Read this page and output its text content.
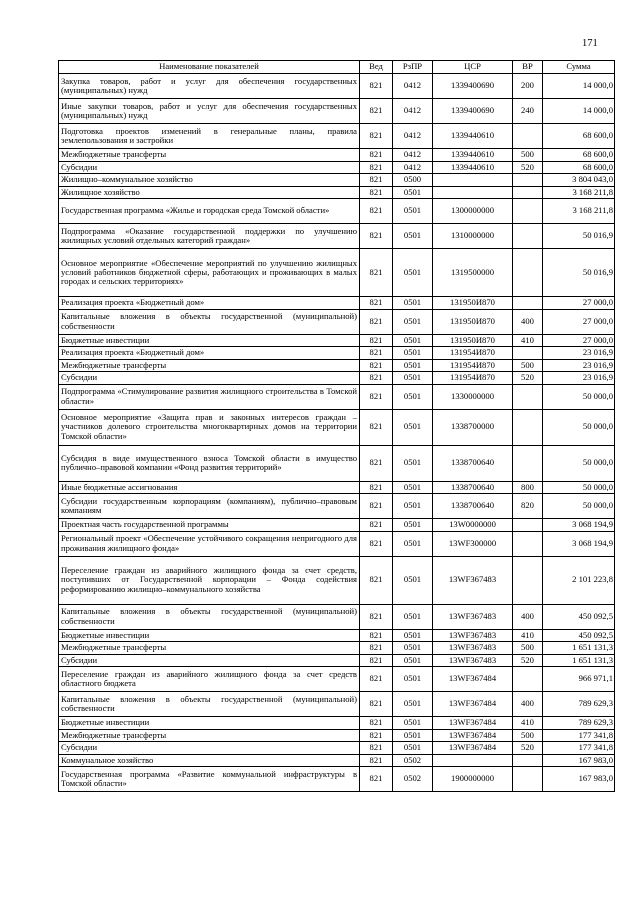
171
Наименование показателей	Вед	РзПР	ЦСР	ВР	Сумма
Закупка товаров, работ и услуг для обеспечения государственных (муниципальных) нужд	821	0412	1339400690	200	14 000,0
Иные закупки товаров, работ и услуг для обеспечения государственных (муниципальных) нужд	821	0412	1339400690	240	14 000,0
Подготовка проектов изменений в генеральные планы, правила землепользования и застройки	821	0412	1339440610		68 600,0
Межбюджетные трансферты	821	0412	1339440610	500	68 600,0
Субсидии	821	0412	1339440610	520	68 600,0
Жилищно–коммунальное хозяйство	821	0500			3 804 043,0
Жилищное хозяйство	821	0501			3 168 211,8
Государственная программа «Жилье и городская среда Томской области»	821	0501	1300000000		3 168 211,8
Подпрограмма «Оказание государственной поддержки по улучшению жилищных условий отдельных категорий граждан»	821	0501	1310000000		50 016,9
Основное мероприятие «Обеспечение мероприятий по улучшению жилищных условий работников бюджетной сферы, работающих и проживающих в малых городах и сельских территориях»	821	0501	1319500000		50 016,9
Реализация проекта «Бюджетный дом»	821	0501	131950И870		27 000,0
Капитальные вложения в объекты государственной (муниципальной) собственности	821	0501	131950И870	400	27 000,0
Бюджетные инвестиции	821	0501	131950И870	410	27 000,0
Реализация проекта «Бюджетный дом»	821	0501	131954И870		23 016,9
Межбюджетные трансферты	821	0501	131954И870	500	23 016,9
Субсидии	821	0501	131954И870	520	23 016,9
Подпрограмма «Стимулирование развития жилищного строительства в Томской области»	821	0501	1330000000		50 000,0
Основное мероприятие «Защита прав и законных интересов граждан – участников долевого строительства многоквартирных домов на территории Томской области»	821	0501	1338700000		50 000,0
Субсидия в виде имущественного взноса Томской области в имущество публично–правовой компании «Фонд развития территорий»	821	0501	1338700640		50 000,0
Иные бюджетные ассигнования	821	0501	1338700640	800	50 000,0
Субсидии государственным корпорациям (компаниям), публично–правовым компаниям	821	0501	1338700640	820	50 000,0
Проектная часть государственной программы	821	0501	13W0000000		3 068 194,9
Региональный проект «Обеспечение устойчивого сокращения непригодного для проживания жилищного фонда»	821	0501	13WF300000		3 068 194,9
Переселение граждан из аварийного жилищного фонда за счет средств, поступивших от Государственной корпорации – Фонда содействия реформированию жилищно–коммунального хозяйства	821	0501	13WF367483		2 101 223,8
Капитальные вложения в объекты государственной (муниципальной) собственности	821	0501	13WF367483	400	450 092,5
Бюджетные инвестиции	821	0501	13WF367483	410	450 092,5
Межбюджетные трансферты	821	0501	13WF367483	500	1 651 131,3
Субсидии	821	0501	13WF367483	520	1 651 131,3
Переселение граждан из аварийного жилищного фонда за счет средств областного бюджета	821	0501	13WF367484		966 971,1
Капитальные вложения в объекты государственной (муниципальной) собственности	821	0501	13WF367484	400	789 629,3
Бюджетные инвестиции	821	0501	13WF367484	410	789 629,3
Межбюджетные трансферты	821	0501	13WF367484	500	177 341,8
Субсидии	821	0501	13WF367484	520	177 341,8
Коммунальное хозяйство	821	0502			167 983,0
Государственная программа «Развитие коммунальной инфраструктуры в Томской области»	821	0502	1900000000		167 983,0
